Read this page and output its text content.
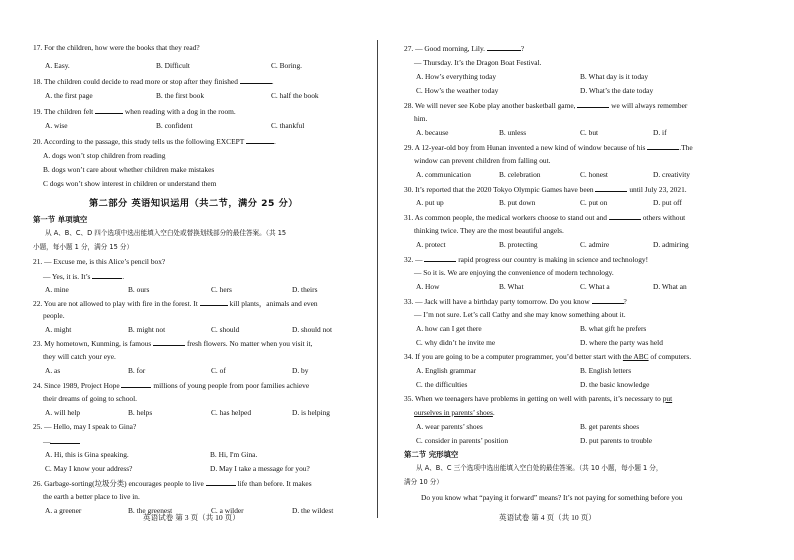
17. For the children, how were the books that they read?
A. Easy.	B. Difficult	C. Boring.
18. The children could decide to read more or stop after they finished	.
A. the first page	B. the first book	C. half the book
19. The children felt	when reading with a dog in the room.
A. wise	B. confident	C. thankful
20. According to the passage, this study tells us the following EXCEPT	.
A. dogs won’t stop children from reading
B. dogs won’t care about whether children make mistakes
C dogs won’t show interest in children or understand them
第二部分 英语知识运用（共二节，满分 25 分）
第一节 单项填空
从 A、B、C、D 四个选项中选出能填入空白处或替换划线部分的最佳答案。（共 15
小题，每小题 1 分，满分 15 分）
21. — Excuse me, is this Alice’s pencil box?
— Yes, it is. It’s	.
A. mine	B. ours	C. hers	D. theirs
22. You are not allowed to play with fire in the forest. It	kill plants，animals and even
people.
A. might	B. might not	C. should	D. should not
23. My hometown, Kunming, is famous	fresh flowers. No matter when you visit it,
they will catch your eye.
A. as	B. for	C. of	D. by
24. Since 1989, Project Hope	millions of young people from poor families achieve
their dreams of going to school.
A. will help	B. helps	C. has helped	D. is helping
25. — Hello, may I speak to Gina?
—
A. Hi, this is Gina speaking.	B. Hi, I'm Gina.
C. May I know your address?	D. May I take a message for you?
26. Garbage-sorting(垃圾分类) encourages people to live	life than before. It makes
the earth a better place to live in.
A. a greener	B. the greenest	C. a wilder	D. the wildest
27. — Good morning, Lily.	?
— Thursday. It’s the Dragon Boat Festival.
A. How’s everything today	B. What day is it today
C. How’s the weather today	D. What’s the date today
28. We will never see Kobe play another basketball game,	we will always remember
him.
A. because	B. unless	C. but	D. if
29. A 12-year-old boy from Hunan invented a new kind of window because of his	.The
window can prevent children from falling out.
A. communication	B. celebration	C. honest	D. creativity
30. It’s reported that the 2020 Tokyo Olympic Games have been	until July 23, 2021.
A. put up	B. put down	C. put on	D. put off
31. As common people, the medical workers choose to stand out and	others without
thinking twice. They are the most beautiful angels.
A. protect	B. protecting	C. admire	D. admiring
32. —	rapid progress our country is making in science and technology!
— So it is. We are enjoying the convenience of modern technology.
A. How	B. What	C. What a	D. What an
33. — Jack will have a birthday party tomorrow. Do you know	?
— I’m not sure. Let’s call Cathy and she may know something about it.
A. how can I get there	B. what gift he prefers
C. why didn’t he invite me	D. where the party was held
34. If you are going to be a computer programmer, you’d better start with the ABC of computers.
A. English grammar	B. English letters
C. the difficulties	D. the basic knowledge
35. When we teenagers have problems in getting on well with parents, it’s necessary to put
ourselves in parents’ shoes.
A. wear parents’ shoes	B. get parents shoes
C. consider in parents’ position	D. put parents to trouble
第二节 完形填空
从 A、B、C 三个选项中选出能填入空白处的最佳答案。（共 10 小题，每小题 1 分，
满分 10 分）
Do you know what “paying it forward” means? It’s not paying for something before you
英语试卷 第 3 页（共 10 页）	英语试卷 第 4 页（共 10 页）
